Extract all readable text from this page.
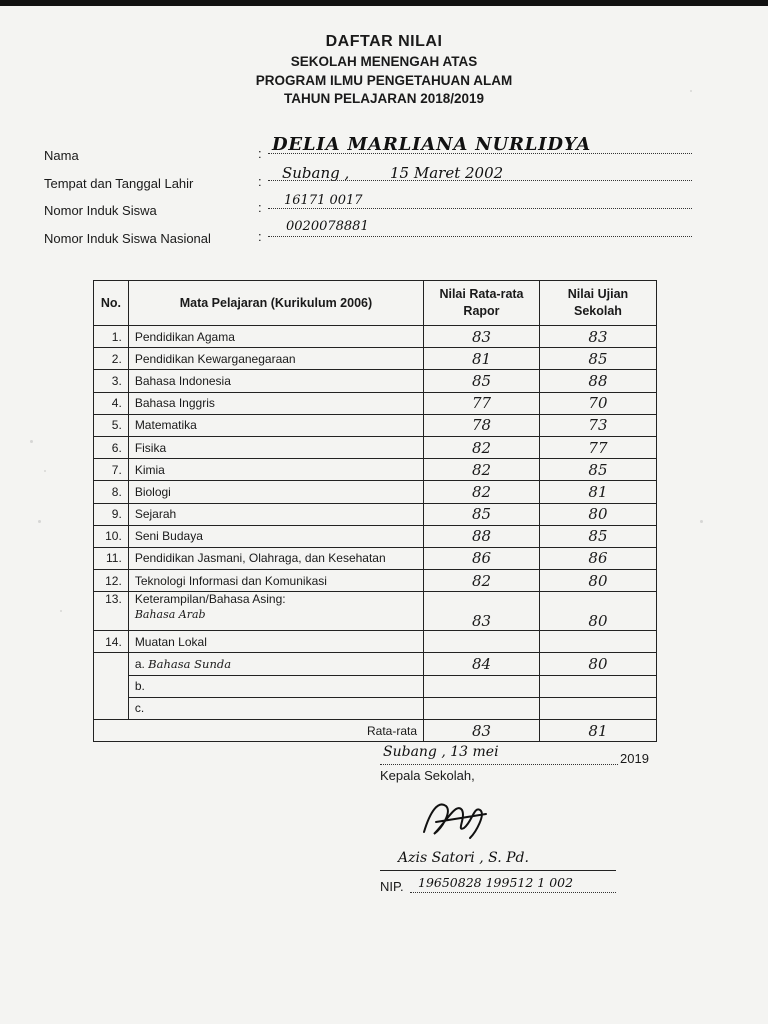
DAFTAR NILAI
SEKOLAH MENENGAH ATAS
PROGRAM ILMU PENGETAHUAN ALAM
TAHUN PELAJARAN 2018/2019
Nama	: DELIA MARLIANA NURLIDYA
Tempat dan Tanggal Lahir	: Subang ,	15 Maret 2002
Nomor Induk Siswa	: 16171 0017
Nomor Induk Siswa Nasional	:
0020078881
No.	Mata Pelajaran (Kurikulum 2006)	Nilai Rata-rata Rapor	Nilai Ujian Sekolah
1.	Pendidikan Agama	83	83
2.	Pendidikan Kewarganegaraan	81	85
3.	Bahasa Indonesia	85	88
4.	Bahasa Inggris	77	70
5.	Matematika	78	73
6.	Fisika	82	77
7.	Kimia	82	85
8.	Biologi	82	81
9.	Sejarah	85	80
10.	Seni Budaya	88	85
11.	Pendidikan Jasmani, Olahraga, dan Kesehatan	86	86
12.	Teknologi Informasi dan Komunikasi	82	80
13.	Keterampilan/Bahasa Asing:
Bahasa Arab	83	80
14.	Muatan Lokal		
	a. Bahasa Sunda	84	80
	b.		
	c.		
Rata-rata		83	81
Subang , 13 mei	2019
Kepala Sekolah,
Azis Satori , S. Pd.
NIP. 19650828 199512 1 002
